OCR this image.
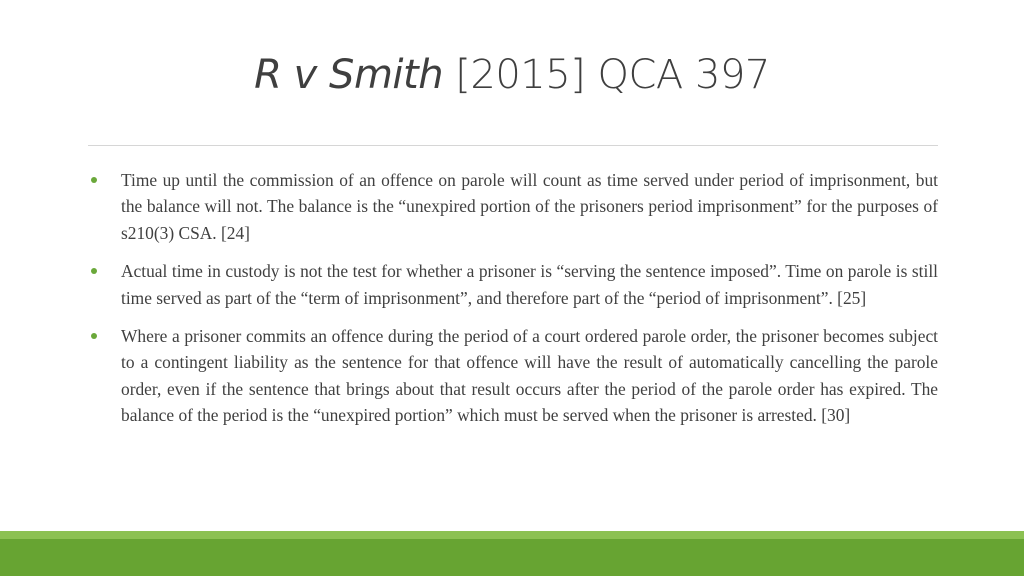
R v Smith [2015] QCA 397
Time up until the commission of an offence on parole will count as time served under period of imprisonment, but the balance will not. The balance is the “unexpired portion of the prisoners period imprisonment” for the purposes of s210(3) CSA. [24]
Actual time in custody is not the test for whether a prisoner is “serving the sentence imposed”. Time on parole is still time served as part of the “term of imprisonment”, and therefore part of the “period of imprisonment”. [25]
Where a prisoner commits an offence during the period of a court ordered parole order, the prisoner becomes subject to a contingent liability as the sentence for that offence will have the result of automatically cancelling the parole order, even if the sentence that brings about that result occurs after the period of the parole order has expired. The balance of the period is the “unexpired portion” which must be served when the prisoner is arrested. [30]
